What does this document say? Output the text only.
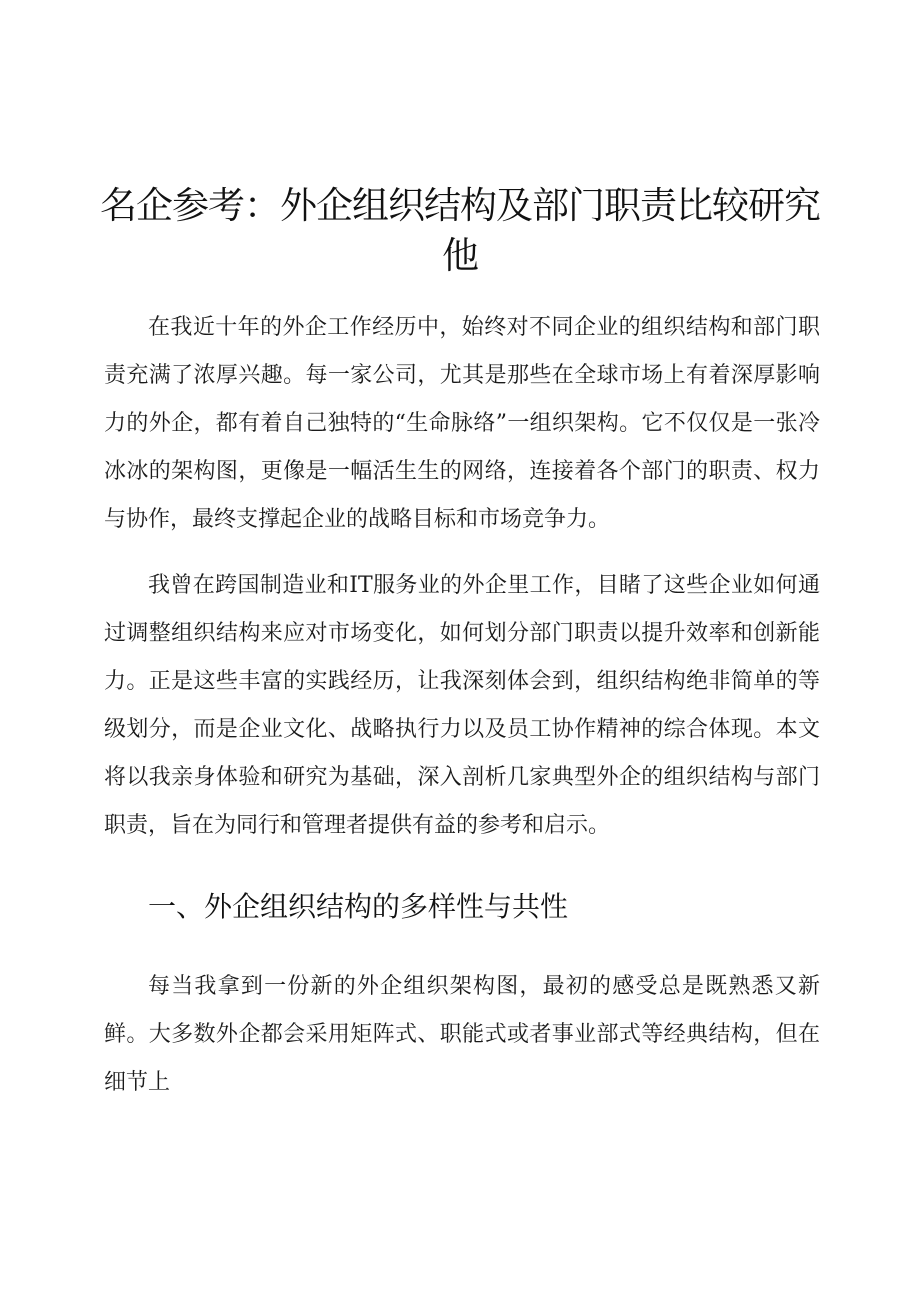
名企参考：外企组织结构及部门职责比较研究他

在我近十年的外企工作经历中，始终对不同企业的组织结构和部门职责充满了浓厚兴趣。每一家公司，尤其是那些在全球市场上有着深厚影响力的外企，都有着自己独特的“生命脉络”一组织架构。它不仅仅是一张冷冰冰的架构图，更像是一幅活生生的网络，连接着各个部门的职责、权力与协作，最终支撑起企业的战略目标和市场竞争力。

我曾在跨国制造业和IT服务业的外企里工作，目睹了这些企业如何通过调整组织结构来应对市场变化，如何划分部门职责以提升效率和创新能力。正是这些丰富的实践经历，让我深刻体会到，组织结构绝非简单的等级划分，而是企业文化、战略执行力以及员工协作精神的综合体现。本文将以我亲身体验和研究为基础，深入剖析几家典型外企的组织结构与部门职责，旨在为同行和管理者提供有益的参考和启示。

一、外企组织结构的多样性与共性

每当我拿到一份新的外企组织架构图，最初的感受总是既熟悉又新鲜。大多数外企都会采用矩阵式、职能式或者事业部式等经典结构，但在细节上
